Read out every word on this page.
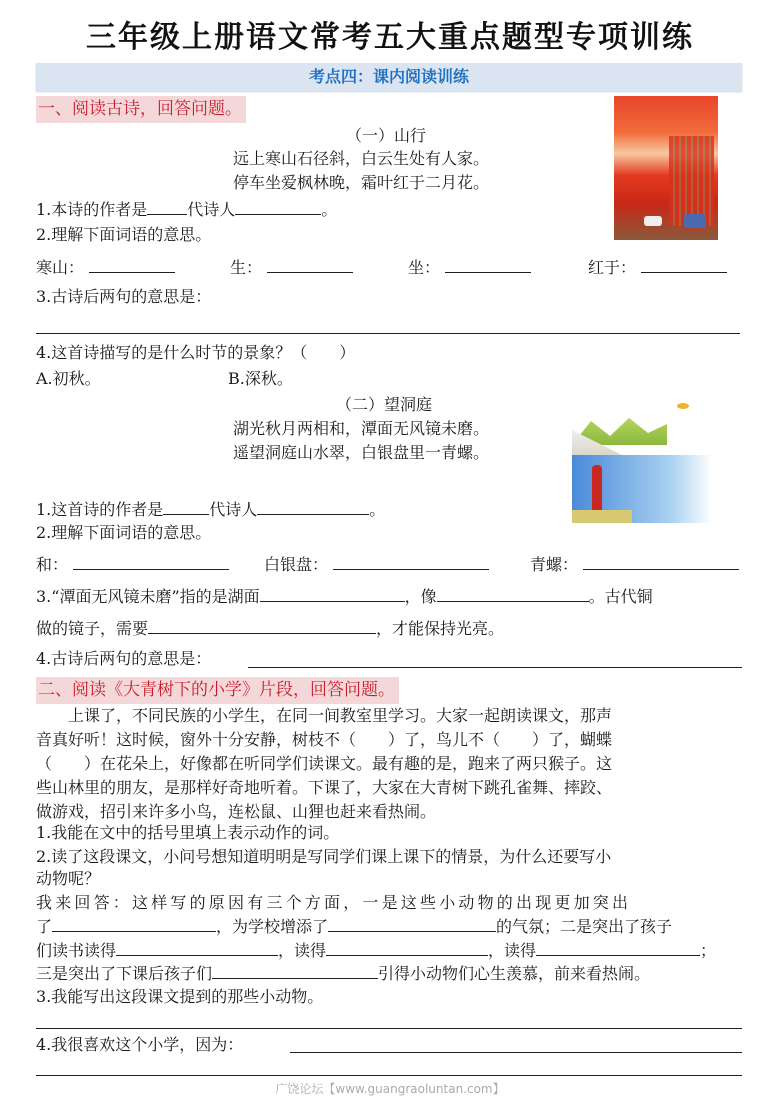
三年级上册语文常考五大重点题型专项训练
考点四：课内阅读训练
一、阅读古诗，回答问题。
（一）山行
远上寒山石径斜，白云生处有人家。
停车坐爱枫林晚，霜叶红于二月花。
1.本诗的作者是	代诗人	。
2.理解下面词语的意思。
寒山：	生：	坐：	红于：
3.古诗后两句的意思是：
4.这首诗描写的是什么时节的景象？（　　）
A.初秋。	B.深秋。
（二）望洞庭
湖光秋月两相和，潭面无风镜未磨。
遥望洞庭山水翠，白银盘里一青螺。
1.这首诗的作者是	代诗人	。
2.理解下面词语的意思。
和：	白银盘：	青螺：
3.“潭面无风镜未磨”指的是湖面	，像	。古代铜
做的镜子，需要	，才能保持光亮。
4.古诗后两句的意思是：
二、阅读《大青树下的小学》片段，回答问题。
　　上课了，不同民族的小学生，在同一间教室里学习。大家一起朗读课文，那声
音真好听！这时候，窗外十分安静，树枝不（　　）了，鸟儿不（　　）了，蝴蝶
（　　）在花朵上，好像都在听同学们读课文。最有趣的是，跑来了两只猴子。这
些山林里的朋友，是那样好奇地听着。下课了，大家在大青树下跳孔雀舞、摔跤、
做游戏，招引来许多小鸟，连松鼠、山狸也赶来看热闹。
1.我能在文中的括号里填上表示动作的词。
2.读了这段课文，小问号想知道明明是写同学们课上课下的情景，为什么还要写小
动物呢？
我来回答：这样写的原因有三个方面，一是这些小动物的出现更加突出
了	，为学校增添了	的气氛；二是突出了孩子
们读书读得	，读得	，读得	；
三是突出了下课后孩子们	引得小动物们心生羡慕，前来看热闹。
3.我能写出这段课文提到的那些小动物。
4.我很喜欢这个小学，因为：
广饶论坛【www.guangraoluntan.com】
